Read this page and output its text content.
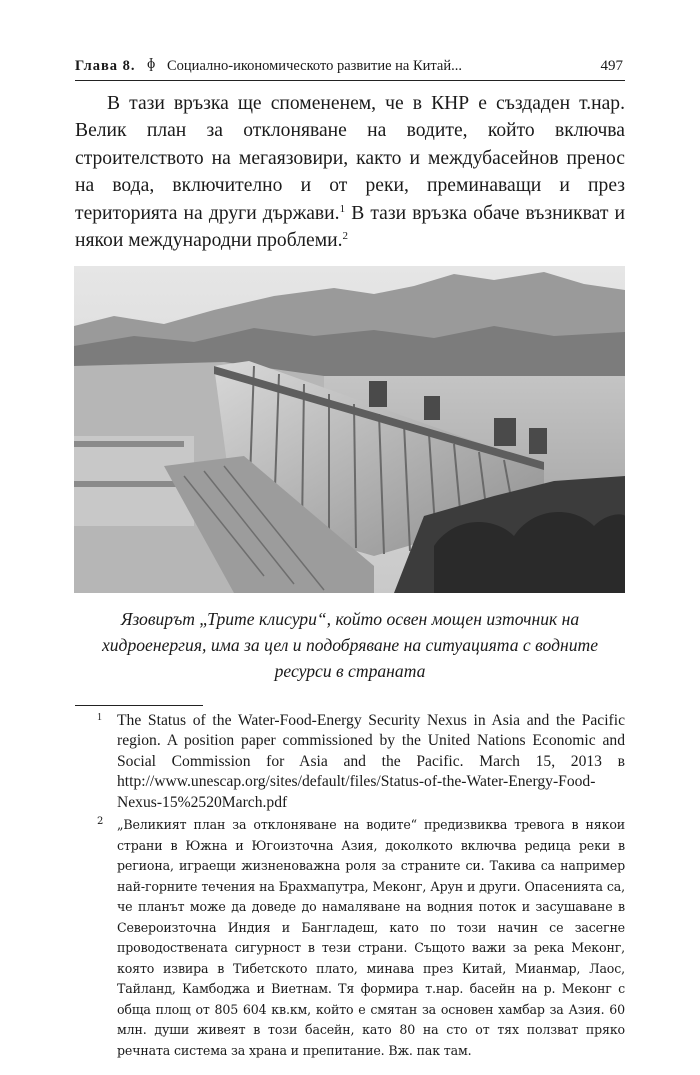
Глава 8. ɸ Социално-икономическото развитие на Китай...	497

В тази връзка ще спомененем, че в КНР е създаден т.нар. Велик план за отклоняване на водите, който включва строителството на мегаязовири, както и междубасейнов пренос на вода, включително и от реки, преминаващи и през територията на други държави.$^1$ В тази връзка обаче възникват и някои международни проблеми.$^2$

Язовирът „Трите клисури“, който освен мощен източник на хидроенергия, има за цел и подобряване на ситуацията с водните ресурси в страната

1 The Status of the Water-Food-Energy Security Nexus in Asia and the Pacific region. A position paper commissioned by the United Nations Economic and Social Commission for Asia and the Pacific. March 15, 2013 в http://www.unescap.org/sites/default/files/Status-of-the-Water-Energy-Food-Nexus-15%2520March.pdf

2 „Великият план за отклоняване на водите“ предизвиква тревога в някои страни в Южна и Югоизточна Азия, доколкото включва редица реки в региона, играещи жизненоважна роля за страните си. Такива са например най-горните течения на Брахмапутра, Меконг, Арун и други. Опасенията са, че планът може да доведе до намаляване на водния поток и засушаване в Североизточна Индия и Бангладеш, като по този начин се засегне проводоствената сигурност в тези страни. Същото важи за река Меконг, която извира в Тибетското плато, минава през Китай, Мианмар, Лаос, Тайланд, Камбоджа и Виетнам. Тя формира т.нар. басейн на р. Меконг с обща площ от 805 604 кв.км, който е смятан за основен хамбар за Азия. 60 млн. души живеят в този басейн, като 80 на сто от тях ползват пряко речната система за храна и препитание. Вж. пак там.
